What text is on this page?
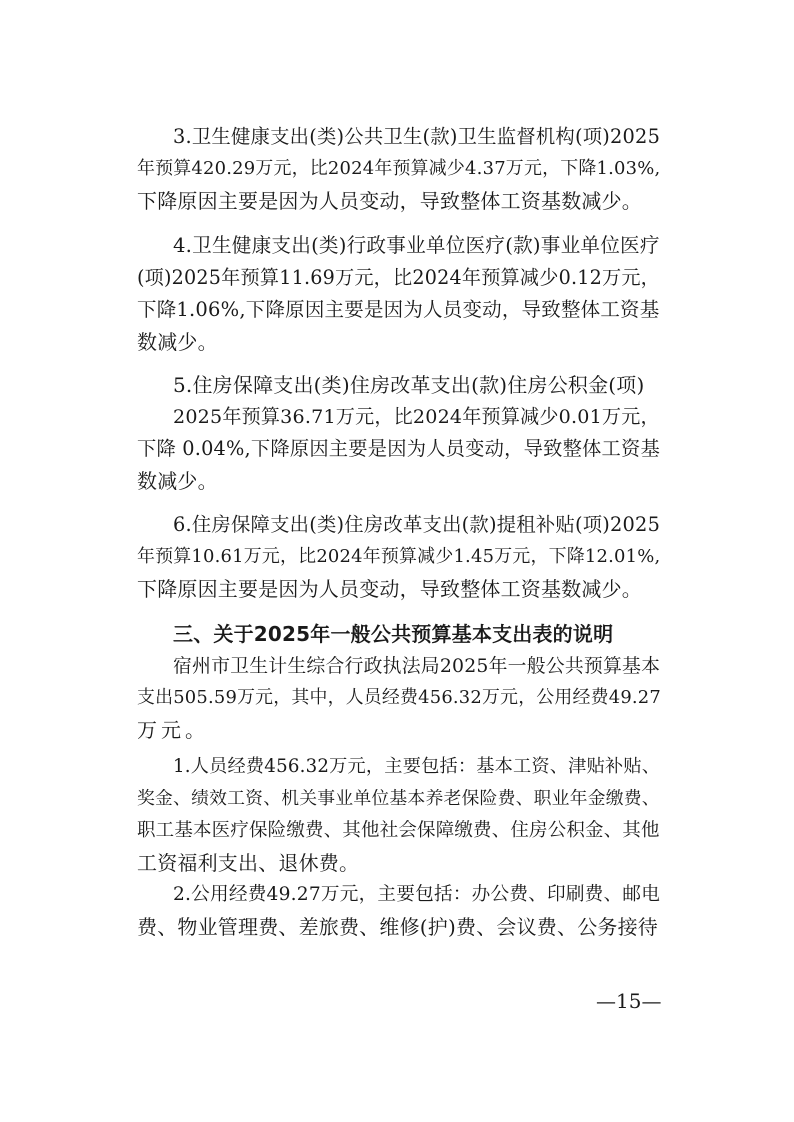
3.卫生健康支出(类)公共卫生(款)卫生监督机构(项)2025
年预算420.29万元，比2024年预算减少4.37万元，下降1.03%,
下降原因主要是因为人员变动，导致整体工资基数减少。
4.卫生健康支出(类)行政事业单位医疗(款)事业单位医疗
(项)2025年预算11.69万元，比2024年预算减少0.12万元，
下降1.06%,下降原因主要是因为人员变动，导致整体工资基
数减少。
5.住房保障支出(类)住房改革支出(款)住房公积金(项)
2025年预算36.71万元，比2024年预算减少0.01万元，
下降 0.04%,下降原因主要是因为人员变动，导致整体工资基
数减少。
6.住房保障支出(类)住房改革支出(款)提租补贴(项)2025
年预算10.61万元，比2024年预算减少1.45万元，下降12.01%,
下降原因主要是因为人员变动，导致整体工资基数减少。
三、关于2025年一般公共预算基本支出表的说明
宿州市卫生计生综合行政执法局2025年一般公共预算基本
支出505.59万元，其中，人员经费456.32万元，公用经费49.27
万元。
1.人员经费456.32万元，主要包括：基本工资、津贴补贴、
奖金、绩效工资、机关事业单位基本养老保险费、职业年金缴费、
职工基本医疗保险缴费、其他社会保障缴费、住房公积金、其他
工资福利支出、退休费。
2.公用经费49.27万元，主要包括：办公费、印刷费、邮电
费、物业管理费、差旅费、维修(护)费、会议费、公务接待
—15—
